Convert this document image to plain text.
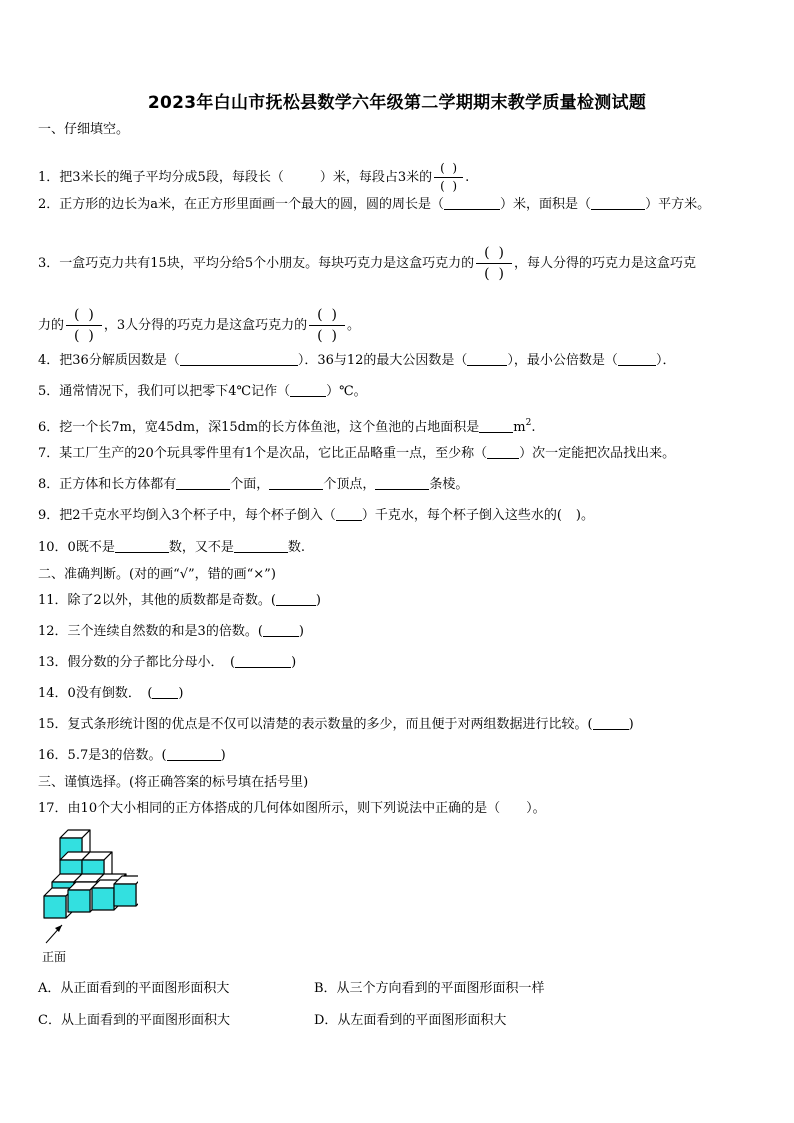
2023年白山市抚松县数学六年级第二学期期末教学质量检测试题
一、仔细填空。
1．把3米长的绳子平均分成5段，每段长（	）米，每段占3米的 $\frac{( )}{( )}$ .
2．正方形的边长为a米，在正方形里面画一个最大的圆，圆的周长是（	）米，面积是（	）平方米。
3．一盒巧克力共有15块，平均分给5个小朋友。每块巧克力是这盒巧克力的 $\frac{( )}{( )}$ ，每人分得的巧克力是这盒巧克
力的 $\frac{( )}{( )}$ ，3人分得的巧克力是这盒巧克力的 $\frac{( )}{( )}$ 。
4．把36分解质因数是（	）．36与12的最大公因数是（	），最小公倍数是（	）．
5．通常情况下，我们可以把零下4℃记作（	）℃。
6．挖一个长7m，宽45dm，深15dm的长方体鱼池，这个鱼池的占地面积是	$m^2$.
7．某工厂生产的20个玩具零件里有1个是次品，它比正品略重一点，至少称（ ）次一定能把次品找出来。
8．正方体和长方体都有	个面，	个顶点，	条棱。
9．把2千克水平均倒入3个杯子中，每个杯子倒入（ ）千克水，每个杯子倒入这些水的( )。
10．0既不是	数，又不是	数.
二、准确判断。(对的画“√”，错的画“×”)
11．除了2以外，其他的质数都是奇数。(	)
12．三个连续自然数的和是3的倍数。(	)
13．假分数的分子都比分母小．　(	)
14．0没有倒数．　( )
15．复式条形统计图的优点是不仅可以清楚的表示数量的多少，而且便于对两组数据进行比较。(	)
16．5.7是3的倍数。(	)
三、谨慎选择。(将正确答案的标号填在括号里)
17．由10个大小相同的正方体搭成的几何体如图所示，则下列说法中正确的是（　　）。
正面
A．从正面看到的平面图形面积大	B．从三个方向看到的平面图形面积一样
C．从上面看到的平面图形面积大	D．从左面看到的平面图形面积大
